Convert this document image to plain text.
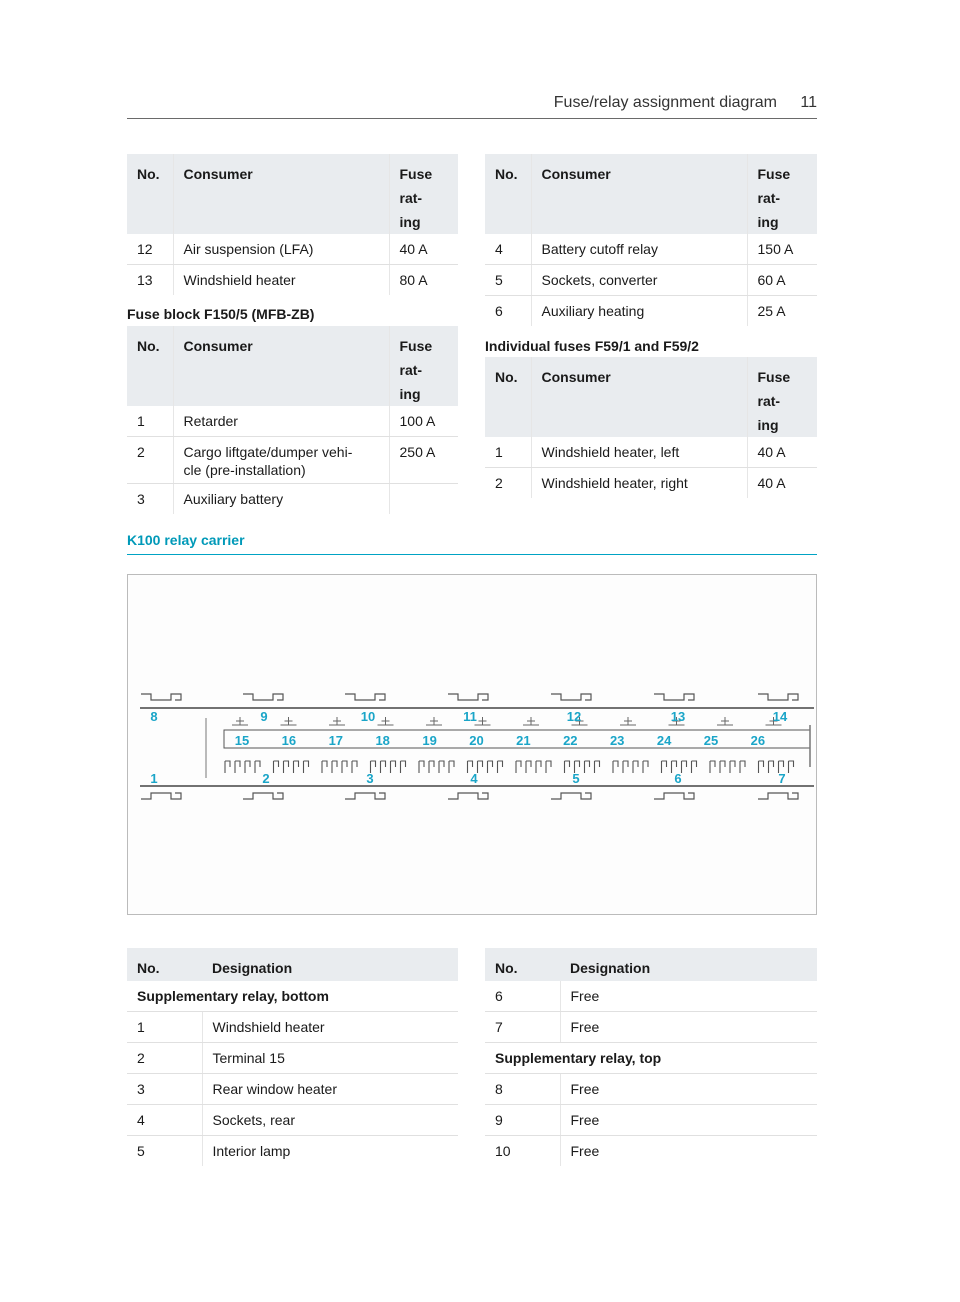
Fuse/relay assignment diagram 11
No.	Consumer	Fuse
rat-
ing
12	Air suspension (LFA)	40 A
13	Windshield heater	80 A
Fuse block F150/5 (MFB-ZB)
No.	Consumer	Fuse
rat-
ing
1	Retarder	100 A
2	Cargo liftgate/dumper vehi-
cle (pre-installation)	250 A
3	Auxiliary battery	
No.	Consumer	Fuse
rat-
ing
4	Battery cutoff relay	150 A
5	Sockets, converter	60 A
6	Auxiliary heating	25 A
Individual fuses F59/1 and F59/2
No.	Consumer	Fuse
rat-
ing
1	Windshield heater, left	40 A
2	Windshield heater, right	40 A
K100 relay carrier
8	9	10	11	12	13	14
15 16 17 18 19 20 21 22 23 24 25 26
1	2	3	4	5	6	7
No.	Designation
Supplementary relay, bottom	
1	Windshield heater
2	Terminal 15
3	Rear window heater
4	Sockets, rear
5	Interior lamp
No.	Designation
6	Free
7	Free
Supplementary relay, top	
8	Free
9	Free
10	Free
